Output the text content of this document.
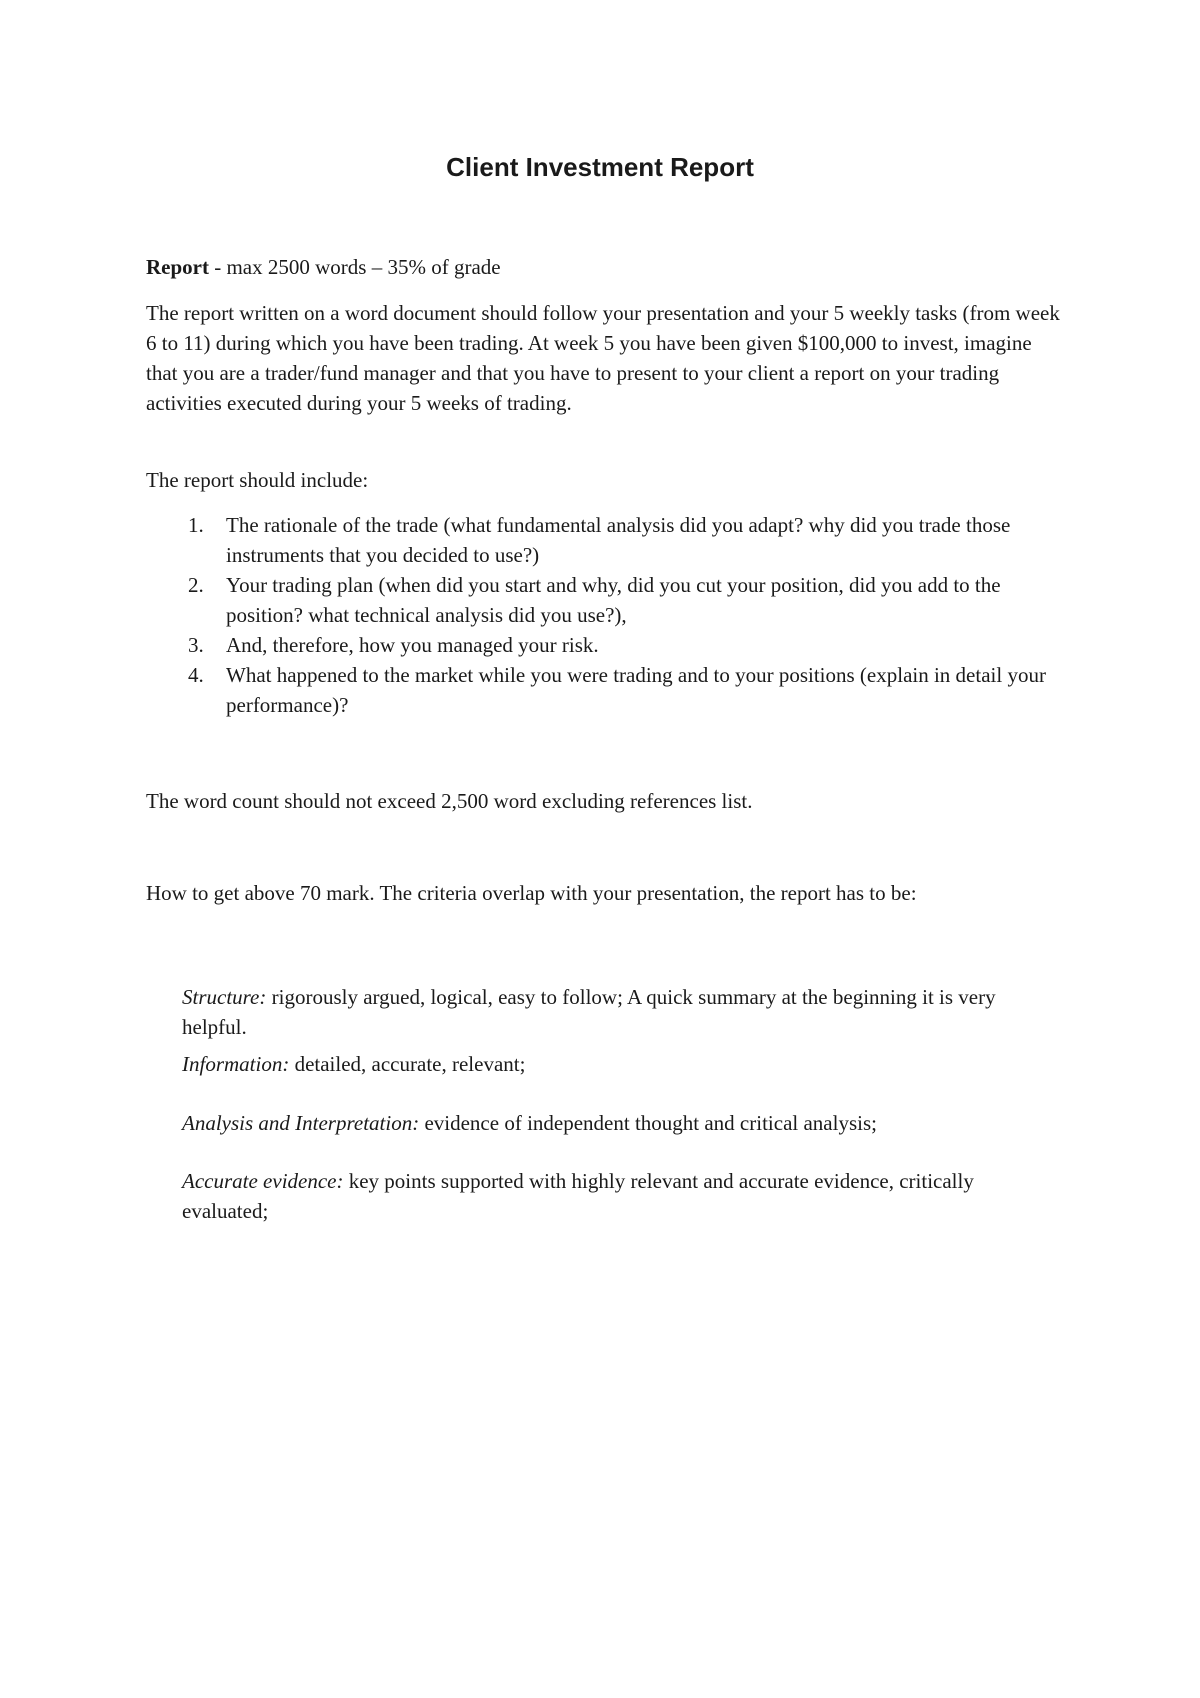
Client Investment Report
Report - max 2500 words – 35% of grade
The report written on a word document should follow your presentation and your 5 weekly tasks (from week 6 to 11) during which you have been trading. At week 5 you have been given $100,000 to invest, imagine that you are a trader/fund manager and that you have to present to your client a report on your trading activities executed during your 5 weeks of trading.
The report should include:
1. The rationale of the trade (what fundamental analysis did you adapt? why did you trade those instruments that you decided to use?)
2. Your trading plan (when did you start and why, did you cut your position, did you add to the position? what technical analysis did you use?),
3. And, therefore, how you managed your risk.
4. What happened to the market while you were trading and to your positions (explain in detail your performance)?
The word count should not exceed 2,500 word excluding references list.
How to get above 70 mark. The criteria overlap with your presentation, the report has to be:
Structure: rigorously argued, logical, easy to follow; A quick summary at the beginning it is very helpful.
Information: detailed, accurate, relevant;
Analysis and Interpretation: evidence of independent thought and critical analysis;
Accurate evidence: key points supported with highly relevant and accurate evidence, critically evaluated;
